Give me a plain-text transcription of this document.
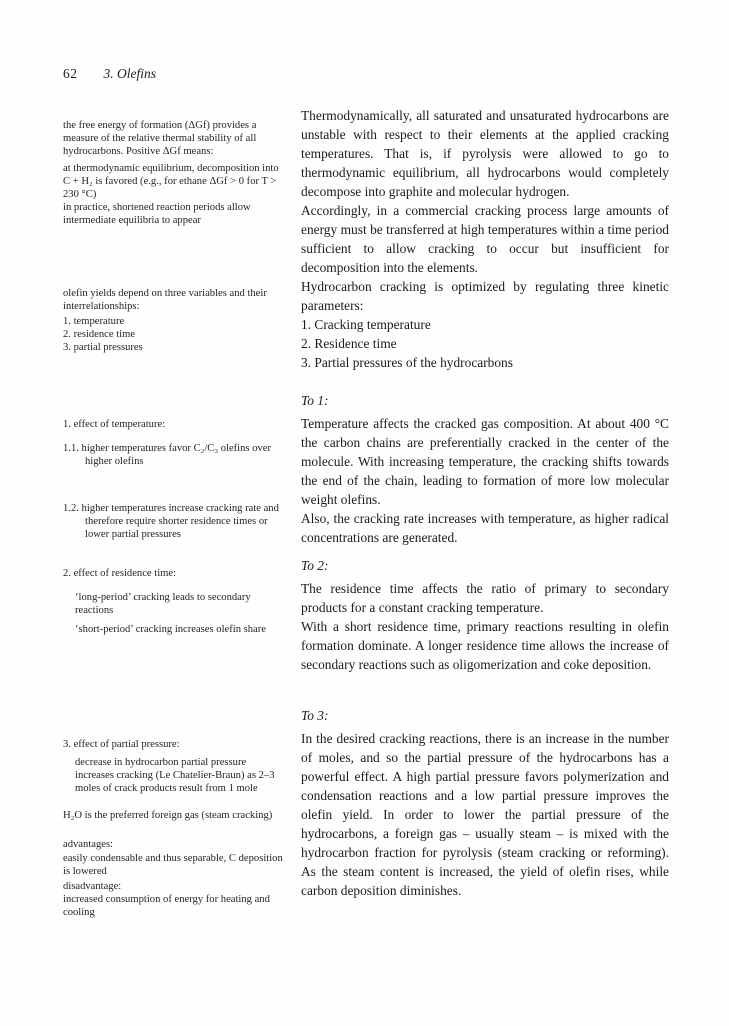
62 3. Olefins
the free energy of formation (ΔGf) provides a measure of the relative thermal stability of all hydrocarbons. Positive ΔGf means:
at thermodynamic equilibrium, decomposition into C + H₂ is favored (e.g., for ethane ΔGf > 0 for T > 230 °C)
in practice, shortened reaction periods allow intermediate equilibria to appear
olefin yields depend on three variables and their interrelationships:
1. temperature
2. residence time
3. partial pressures
1. effect of temperature:
1.1. higher temperatures favor C₂/C₃ olefins over higher olefins
1.2. higher temperatures increase cracking rate and therefore require shorter residence times or lower partial pressures
2. effect of residence time:
‘long-period’ cracking leads to secondary reactions
‘short-period’ cracking increases olefin share
3. effect of partial pressure:
decrease in hydrocarbon partial pressure increases cracking (Le Chatelier-Braun) as 2–3 moles of crack products result from 1 mole
H₂O is the preferred foreign gas (steam cracking)
advantages:
easily condensable and thus separable, C deposition is lowered
disadvantage:
increased consumption of energy for heating and cooling

Thermodynamically, all saturated and unsaturated hydrocarbons are unstable with respect to their elements at the applied cracking temperatures. That is, if pyrolysis were allowed to go to thermodynamic equilibrium, all hydrocarbons would completely decompose into graphite and molecular hydrogen.

Accordingly, in a commercial cracking process large amounts of energy must be transferred at high temperatures within a time period sufficient to allow cracking to occur but insufficient for decomposition into the elements.

Hydrocarbon cracking is optimized by regulating three kinetic parameters:

1. Cracking temperature
2. Residence time
3. Partial pressures of the hydrocarbons

To 1:

Temperature affects the cracked gas composition. At about 400 °C the carbon chains are preferentially cracked in the center of the molecule. With increasing temperature, the cracking shifts towards the end of the chain, leading to formation of more low molecular weight olefins.

Also, the cracking rate increases with temperature, as higher radical concentrations are generated.

To 2:

The residence time affects the ratio of primary to secondary products for a constant cracking temperature.

With a short residence time, primary reactions resulting in olefin formation dominate. A longer residence time allows the increase of secondary reactions such as oligomerization and coke deposition.

To 3:

In the desired cracking reactions, there is an increase in the number of moles, and so the partial pressure of the hydrocarbons has a powerful effect. A high partial pressure favors polymerization and condensation reactions and a low partial pressure improves the olefin yield. In order to lower the partial pressure of the hydrocarbons, a foreign gas – usually steam – is mixed with the hydrocarbon fraction for pyrolysis (steam cracking or reforming). As the steam content is increased, the yield of olefin rises, while carbon deposition diminishes.
